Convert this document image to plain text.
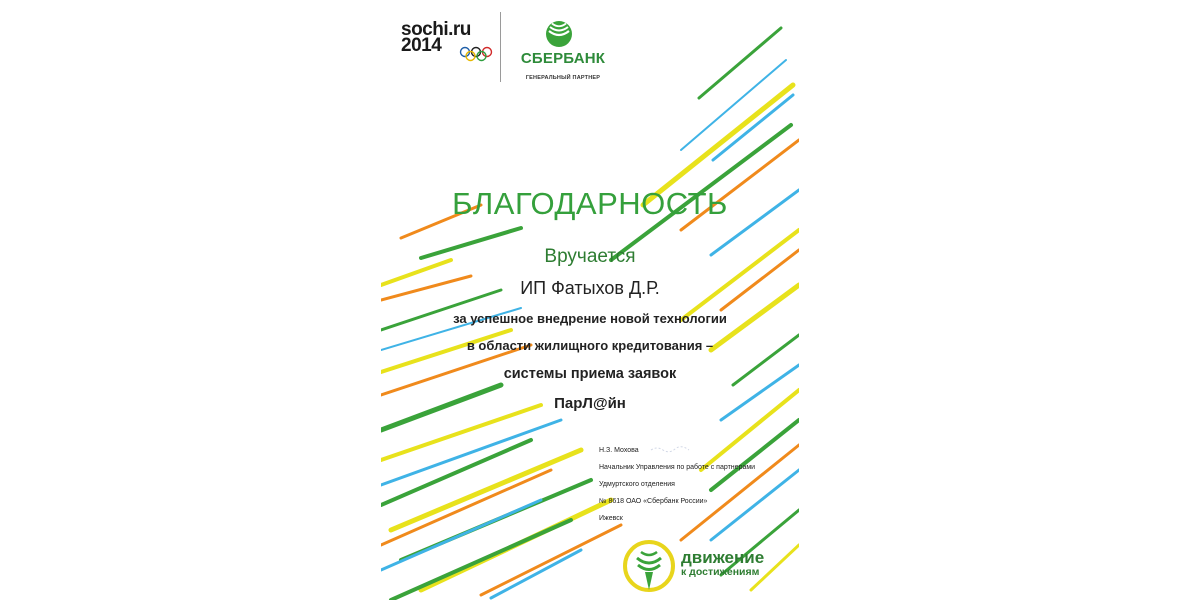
sochi.ru
2014
СБЕРБАНК
ГЕНЕРАЛЬНЫЙ ПАРТНЕР
БЛАГОДАРНОСТЬ
Вручается
ИП Фатыхов Д.Р.
за успешное внедрение новой технологии
в области жилищного кредитования –
системы приема заявок
ПарЛ@йн
Н.З. Мохова
Начальник Управления по работе с партнерами
Удмуртского отделения
№ 8618 ОАО «Сбербанк России»
Ижевск
движение
к достижениям
